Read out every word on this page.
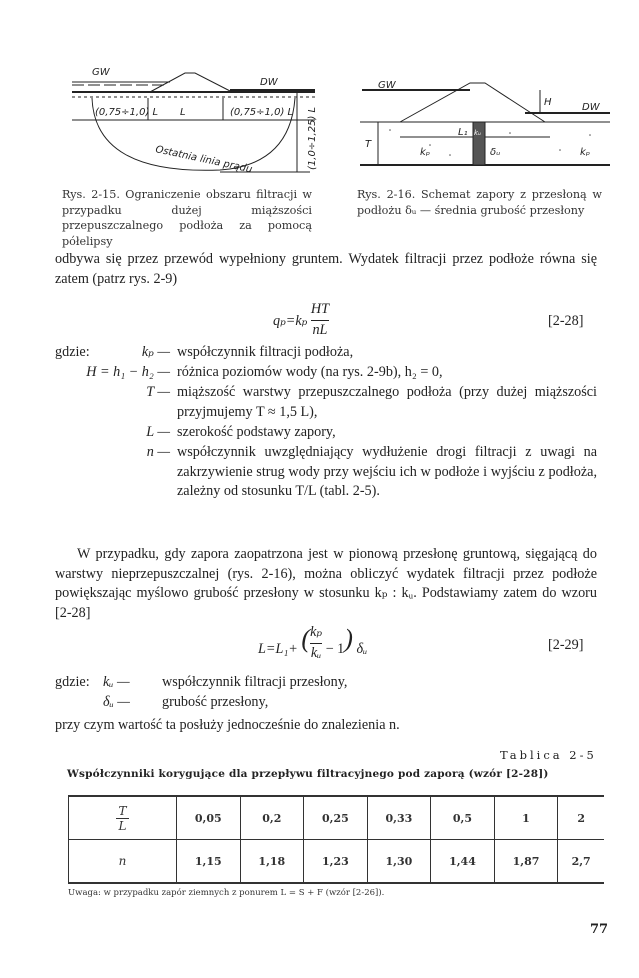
GW
DW
(0,75÷1,0) L L	(0,75÷1,0) L (1,0÷1,25) L
Ostatnia linia prądu
GW
DW
H
T
L₁
kₚ	kₚ
kᵤ
δᵤ
Rys. 2-15. Ograniczenie obszaru filtracji w przypadku dużej miąższości przepuszczalnego podłoża za pomocą półelipsy
Rys. 2-16. Schemat zapory z przesłoną w podłożu δᵤ — średnia grubość przesłony
odbywa się przez przewód wypełniony gruntem. Wydatek filtracji przez podłoże równa się zatem (patrz rys. 2-9)
$q_p=k_p \frac{HT}{nL}$	[2-28]
gdzie:	kₚ — współczynnik filtracji podłoża,
H = h₁ − h₂ — różnica poziomów wody (na rys. 2-9b), h₂ = 0,
T — miąższość warstwy przepuszczalnego podłoża (przy dużej miąższości przyjmujemy T ≈ 1,5 L),
L — szerokość podstawy zapory,
n — współczynnik uwzględniający wydłużenie drogi filtracji z uwagi na zakrzywienie strug wody przy wejściu ich w podłoże i wyjściu z podłoża, zależny od stosunku T/L (tabl. 2-5).
W przypadku, gdy zapora zaopatrzona jest w pionową przesłonę gruntową, sięgającą do warstwy nieprzepuszczalnej (rys. 2-16), można obliczyć wydatek filtracji przez podłoże powiększając myślowo grubość przesłony w stosunku kₚ : kᵤ. Podstawiamy zatem do wzoru [2-28]
L=L₁+ ( $\frac{\text{kₚ}}{\text{kᵤ}} - 1$) δᵤ	[2-29]
gdzie: kᵤ — współczynnik filtracji przesłony,
δᵤ — grubość przesłony,
przy czym wartość ta posłuży jednocześnie do znalezienia n.
Tablica 2-5
Współczynniki korygujące dla przepływu filtracyjnego pod zaporą (wzór [2-28])
$\frac{T}{L}$	0,05	0,2	0,25	0,33	0,5	1	2
n	1,15	1,18	1,23	1,30	1,44	1,87	2,7
Uwaga: w przypadku zapór ziemnych z ponurem L = S + F (wzór [2-26]).
77
